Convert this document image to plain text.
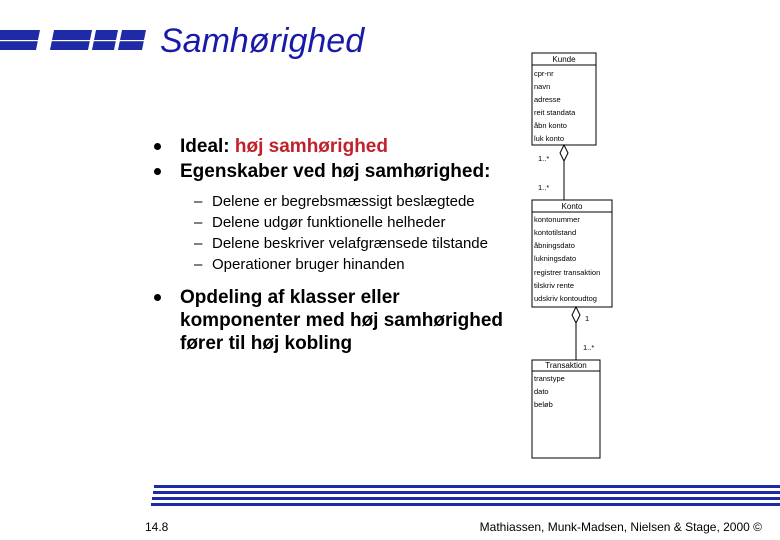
Samhørighed
Ideal: høj samhørighed
Egenskaber ved høj samhørighed:
– Delene er begrebsmæssigt beslægtede
– Delene udgør funktionelle helheder
– Delene beskriver velafgrænsede tilstande
– Operationer bruger hinanden
Opdeling af klasser eller komponenter med høj samhørighed fører til høj kobling
Kunde
cpr-nr
navn
adresse
reit standata
åbn konto
luk konto
1..*
1..*
Konto
kontonummer
kontotilstand
åbningsdato
lukningsdato
registrer transaktion
tilskriv rente
udskriv kontoudtog
1
1..*
Transaktion
transtype
dato
beløb
14.8	Mathiassen, Munk-Madsen, Nielsen & Stage, 2000 ©
